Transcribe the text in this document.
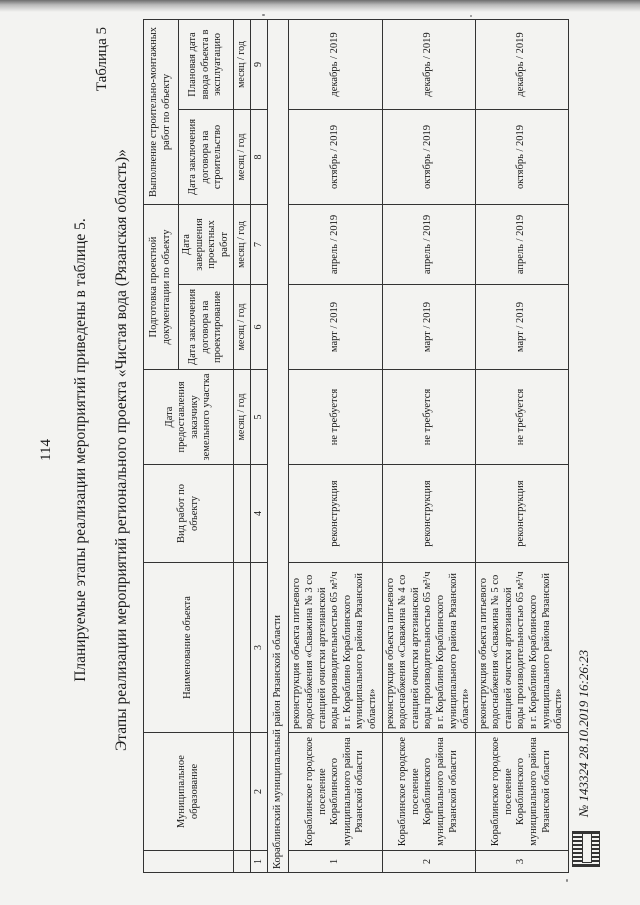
114 Планируемые этапы реализации мероприятий приведены в таблице 5.
Таблица 5
Этапы реализации мероприятий регионального проекта «Чистая вода (Рязанская область)»
	Муниципальное образование	Наименование объекта	Вид работ по объекту	Дата предоставления заказчику земельного участка	Подготовка проектной документации по объекту		Выполнение строительно-монтажных работ по объекту	
					Дата заключения договора на проектирование	Дата завершения проектных работ	Дата заключения договора на строительство	Плановая дата ввода объекта в эксплуатацию
				месяц / год	месяц / год	месяц / год	месяц / год	месяц / год
1	2	3	4	5	6	7	8	9
Кораблинский муниципальный район Рязанской области								
1	Кораблинское городское поселение Кораблинского муниципального района Рязанской области	реконструкция объекта питьевого водоснабжения «Скважина № 3 со станцией очистки артезианской воды производительностью 65 м³/ч в г. Кораблино Кораблинского муниципального района Рязанской области»	реконструкция	не требуется	март / 2019	апрель / 2019	октябрь / 2019	декабрь / 2019
2	Кораблинское городское поселение Кораблинского муниципального района Рязанской области	реконструкция объекта питьевого водоснабжения «Скважина № 4 со станцией очистки артезианской воды производительностью 65 м³/ч в г. Кораблино Кораблинского муниципального района Рязанской области»	реконструкция	не требуется	март / 2019	апрель / 2019	октябрь / 2019	декабрь / 2019
3	Кораблинское городское поселение Кораблинского муниципального района Рязанской области	реконструкция объекта питьевого водоснабжения «Скважина № 5 со станцией очистки артезианской воды производительностью 65 м³/ч в г. Кораблино Кораблинского муниципального района Рязанской области»	реконструкция	не требуется	март / 2019	апрель / 2019	октябрь / 2019	декабрь / 2019
№ 143324 28.10.2019 16:26:23
